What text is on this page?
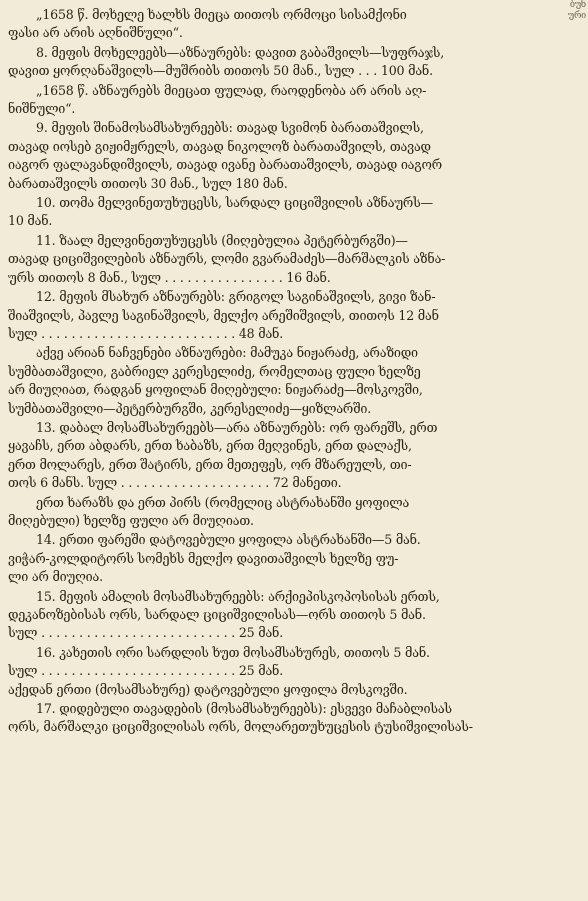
ბუნ
ური
„1658 წ. მოხელე ხალხს მიეცა თითოს ორმოცი სისამქონი
ფასი არ არის აღნიშნული“.
8. მეფის მოხელეებს—აზნაურებს: დავით გაბაშვილს—სუფრაჯს,
დავით ყორღანაშვილს—მუშრიბს თითოს 50 მან., სულ . . . 100 მან.
„1658 წ. აზნაურებს მიეცათ ფულად, რაოდენობა არ არის აღ-
ნიშნული“.
9. მეფის შინამოსამსახურეებს: თავად სვიმონ ბარათაშვილს,
თავად იოსებ გიჟიმჟრელს, თავად ნიკოლოზ ბარათაშვილს, თავად
იაგორ ფალავანდიშვილს, თავად ივანე ბარათაშვილს, თავად იაგორ
ბარათაშვილს თითოს 30 მან., სულ 180 მან.
10. თომა მელვინეთუხუცესს, სარდალ ციციშვილის აზნაურს—
10 მან.
11. ზაალ მელვინეთუხუცესს (მიღებულია პეტერბურგში)—
თავად ციციშვილების აზნაურს, ლომი გვარამაძეს—მარშალკის აზნა-
ურს თითოს 8 მან., სულ . . . . . . . . . . . . . . . . 16 მან.
12. მეფის მსახურ აზნაურებს: გრიგოლ საგინაშვილს, გივი ზან-
შიაშვილს, პავლე საგინაშვილს, მელქო არეშიშვილს, თითოს 12 მან
სულ . . . . . . . . . . . . . . . . . . . . . . . . . . 48 მან.
აქვე არიან ნაჩვენები აზნაურები: მამუკა ნიჟარაძე, არაზიდი
სუმბათაშვილი, გაბრიელ კერესელიძე, რომელთაც ფული ხელზე
არ მიუღიათ, რადგან ყოფილან მიღებული: ნიჟარაძე—მოსკოვში,
სუმბათაშვილი—პეტერბურგში, კერესელიძე—ყიზლარში.
13. დაბალ მოსამსახურეებს—არა აზნაურებს: ორ ფარეშს, ერთ
ყავაჩს, ერთ აბდარს, ერთ ხაბაზს, ერთ მეღვინეს, ერთ დალაქს,
ერთ მოლარეს, ერთ შატირს, ერთ მეთეფეს, ორ მზარეულს, თი-
თოს 6 მანს. სულ . . . . . . . . . . . . . . . . . . . . 72 მანეთი.
ერთ ხარაზს და ერთ პირს (რომელიც ასტრახანში ყოფილა
მიღებული) ხელზე ფული არ მიუღიათ.
14. ერთი ფარეში დატოვებული ყოფილა ასტრახანში—5 მან.
ვიჭარ-კოლდიტორს სომეხს მელქო დავითაშვილს ხელზე ფუ-
ლი არ მიუღია.
15. მეფის ამალის მოსამსახურეებს: არქიეპისკოპოსისას ერთს,
დეკანოზებისას ორს, სარდალ ციციშვილისას—ორს თითოს 5 მან.
სულ . . . . . . . . . . . . . . . . . . . . . . . . . . 25 მან.
16. კახეთის ორი სარდლის ხუთ მოსამსახურეს, თითოს 5 მან.
სულ . . . . . . . . . . . . . . . . . . . . . . . . . . 25 მან.
აქედან ერთი (მოსამსახურე) დატოვებული ყოფილა მოსკოვში.
17. დიდებული თავადების (მოსამსახურეებს): ესვევი მაჩაბლისას
ორს, მარშალკი ციციშვილისას ორს, მოლარეთუხუცესის ტუსიშვილისას-
